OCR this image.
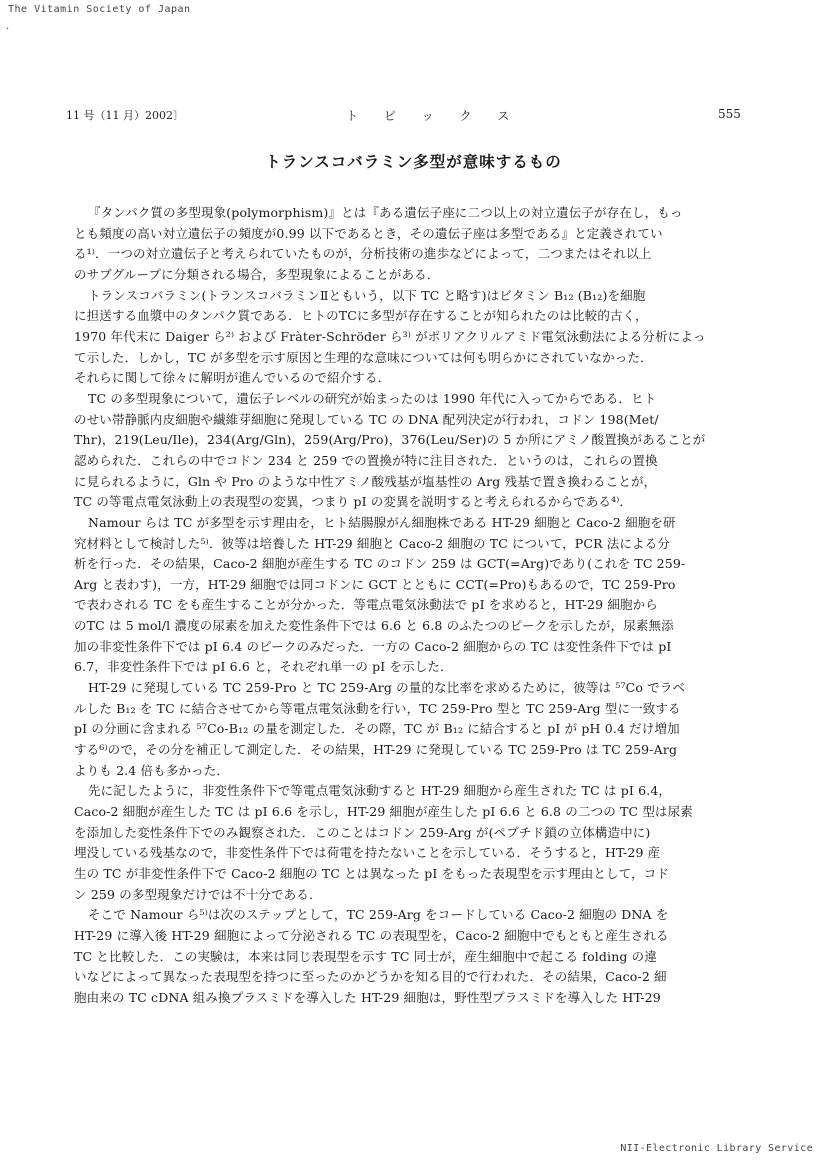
The Vitamin Society of Japan
·
11 号（11 月）2002〕	ト ピ ッ ク ス	555
トランスコバラミン多型が意味するもの
『タンパク質の多型現象(polymorphism)』とは『ある遺伝子座に二つ以上の対立遺伝子が存在し，もっ
とも頻度の高い対立遺伝子の頻度が0.99 以下であるとき，その遺伝子座は多型である』と定義されてい
る¹⁾．一つの対立遺伝子と考えられていたものが，分析技術の進歩などによって，二つまたはそれ以上
のサブグループに分類される場合，多型現象によることがある．
トランスコバラミン(トランスコバラミンⅡともいう，以下 TC と略す)はビタミン B₁₂ (B₁₂)を細胞
に担送する血漿中のタンパク質である．ヒトのTCに多型が存在することが知られたのは比較的古く，
1970 年代末に Daiger ら²⁾ および Fràter-Schröder ら³⁾ がポリアクリルアミド電気泳動法による分析によっ
て示した．しかし，TC が多型を示す原因と生理的な意味については何も明らかにされていなかった．
それらに関して徐々に解明が進んでいるので紹介する．
TC の多型現象について，遺伝子レベルの研究が始まったのは 1990 年代に入ってからである．ヒト
のせい帯静脈内皮細胞や繊維芽細胞に発現している TC の DNA 配列決定が行われ，コドン 198(Met/
Thr)，219(Leu/Ile)，234(Arg/Gln)，259(Arg/Pro)，376(Leu/Ser)の 5 か所にアミノ酸置換があることが
認められた．これらの中でコドン 234 と 259 での置換が特に注目された．というのは，これらの置換
に見られるように，Gln や Pro のような中性アミノ酸残基が塩基性の Arg 残基で置き換わることが，
TC の等電点電気泳動上の表現型の変異，つまり pI の変異を説明すると考えられるからである⁴⁾．
Namour らは TC が多型を示す理由を，ヒト結腸腺がん細胞株である HT-29 細胞と Caco-2 細胞を研
究材料として検討した⁵⁾．彼等は培養した HT-29 細胞と Caco-2 細胞の TC について，PCR 法による分
析を行った．その結果，Caco-2 細胞が産生する TC のコドン 259 は GCT(=Arg)であり(これを TC 259-
Arg と表わす)，一方，HT-29 細胞では同コドンに GCT とともに CCT(=Pro)もあるので，TC 259-Pro
で表わされる TC をも産生することが分かった．等電点電気泳動法で pI を求めると，HT-29 細胞から
のTC は 5 mol/l 濃度の尿素を加えた変性条件下では 6.6 と 6.8 のふたつのピークを示したが，尿素無添
加の非変性条件下では pI 6.4 のピークのみだった．一方の Caco-2 細胞からの TC は変性条件下では pI
6.7，非変性条件下では pI 6.6 と，それぞれ単一の pI を示した．
HT-29 に発現している TC 259-Pro と TC 259-Arg の量的な比率を求めるために，彼等は ⁵⁷Co でラベ
ルした B₁₂ を TC に結合させてから等電点電気泳動を行い，TC 259-Pro 型と TC 259-Arg 型に一致する
pI の分画に含まれる ⁵⁷Co-B₁₂ の量を測定した．その際，TC が B₁₂ に結合すると pI が pH 0.4 だけ増加
する⁶⁾ので，その分を補正して測定した．その結果，HT-29 に発現している TC 259-Pro は TC 259-Arg
よりも 2.4 倍も多かった．
先に記したように，非変性条件下で等電点電気泳動すると HT-29 細胞から産生された TC は pI 6.4，
Caco-2 細胞が産生した TC は pI 6.6 を示し，HT-29 細胞が産生した pI 6.6 と 6.8 の二つの TC 型は尿素
を添加した変性条件下でのみ観察された．このことはコドン 259-Arg が(ペプチド鎖の立体構造中に)
埋没している残基なので，非変性条件下では荷電を持たないことを示している．そうすると，HT-29 産
生の TC が非変性条件下で Caco-2 細胞の TC とは異なった pI をもった表現型を示す理由として，コド
ン 259 の多型現象だけでは不十分である．
そこで Namour ら⁵⁾は次のステップとして，TC 259-Arg をコードしている Caco-2 細胞の DNA を
HT-29 に導入後 HT-29 細胞によって分泌される TC の表現型を，Caco-2 細胞中でもともと産生される
TC と比較した．この実験は，本来は同じ表現型を示す TC 同士が，産生細胞中で起こる folding の違
いなどによって異なった表現型を持つに至ったのかどうかを知る目的で行われた．その結果，Caco-2 細
胞由来の TC cDNA 組み換プラスミドを導入した HT-29 細胞は，野性型プラスミドを導入した HT-29
NII-Electronic Library Service
